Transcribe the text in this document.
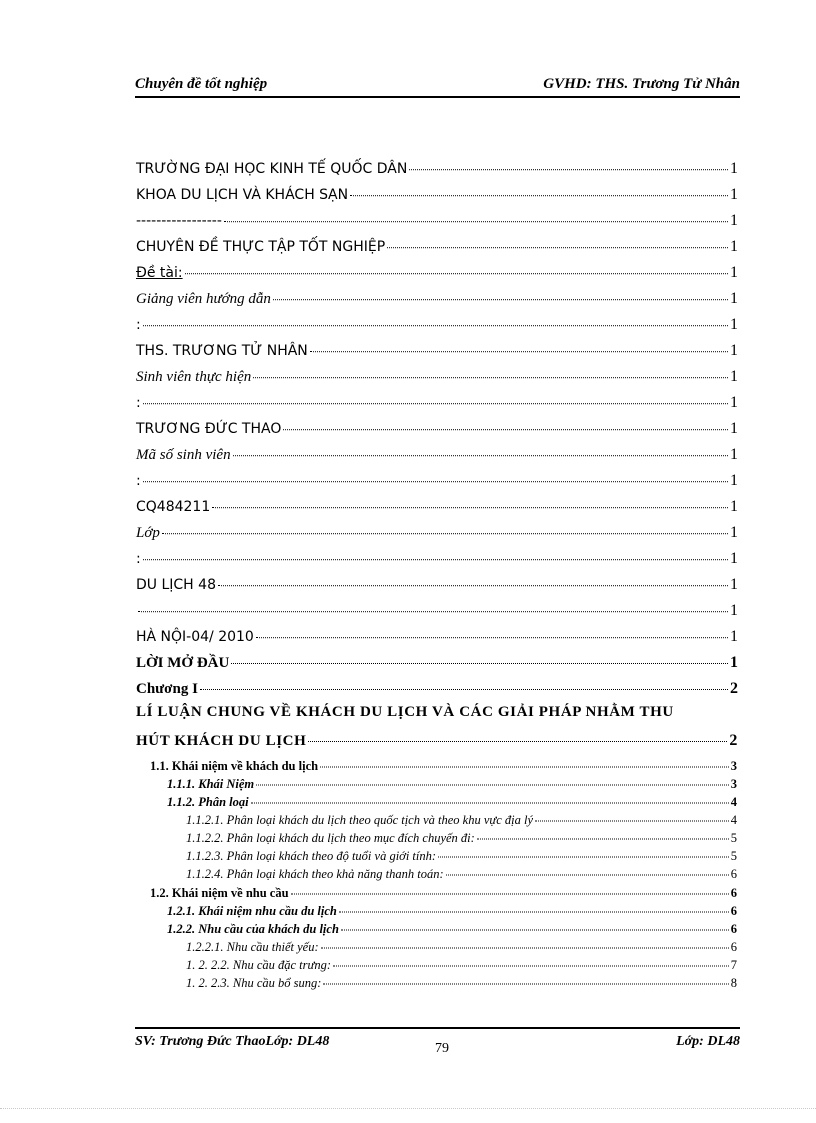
Chuyên đề tốt nghiệp	GVHD: THS. Trương Tử Nhân
TRƯỜNG ĐẠI HỌC KINH TẾ QUỐC DÂN	1
KHOA DU LỊCH VÀ KHÁCH SẠN	1
-----------------	1
CHUYÊN ĐỀ THỰC TẬP TỐT NGHIỆP	1
Đề tài:	1
Giảng viên hướng dẫn	1
:	1
THS. TRƯƠNG TỬ NHÂN	1
Sinh viên thực hiện	1
:	1
TRƯƠNG ĐỨC THAO	1
Mã số sinh viên	1
:	1
CQ484211	1
Lớp	1
:	1
DU LỊCH 48	1
1
HÀ NỘI-04/ 2010	1
LỜI MỞ ĐẦU	1
Chương I	2
LÍ LUẬN CHUNG VỀ KHÁCH DU LỊCH VÀ CÁC GIẢI PHÁP NHẰM THU
HÚT KHÁCH DU LỊCH	2
1.1. Khái niệm về khách du lịch	3
1.1.1. Khái Niệm	3
1.1.2. Phân loại	4
1.1.2.1. Phân loại khách du lịch theo quốc tịch và theo khu vực địa lý	4
1.1.2.2. Phân loại khách du lịch theo mục đích chuyến đi:	5
1.1.2.3. Phân loại khách theo độ tuổi và giới tính:	5
1.1.2.4. Phân loại khách theo khả năng thanh toán:	6
1.2. Khái niệm về nhu cầu	6
1.2.1. Khái niệm nhu cầu du lịch	6
1.2.2. Nhu cầu của khách du lịch	6
1.2.2.1. Nhu cầu thiết yếu:	6
1. 2. 2.2. Nhu cầu đặc trưng:	7
1. 2. 2.3. Nhu cầu bổ sung:	8
SV: Trương Đức ThaoLớp: DL48	79	Lớp: DL48
